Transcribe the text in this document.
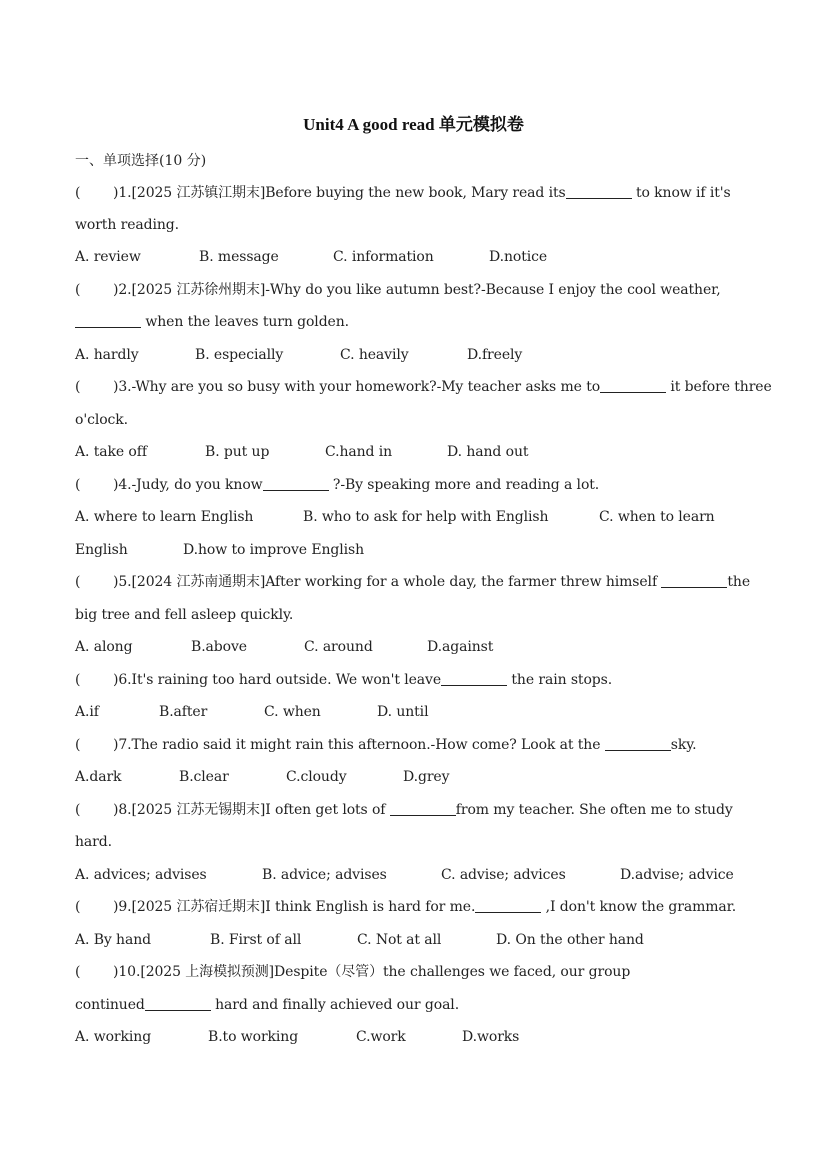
Unit4 A good read 单元模拟卷
一、单项选择(10 分)
( )1.[2025 江苏镇江期末]Before buying the new book, Mary read its	to know if it's
worth reading.
A. review	B. message	C. information	D.notice
( )2.[2025 江苏徐州期末]-Why do you like autumn best?-Because I enjoy the cool weather,
when the leaves turn golden.
A. hardly	B. especially	C. heavily	D.freely
( )3.-Why are you so busy with your homework?-My teacher asks me to	it before three
o'clock.
A. take off	B. put up	C.hand in	D. hand out
( )4.-Judy, do you know	?-By speaking more and reading a lot.
A. where to learn English	B. who to ask for help with English	C. when to learn
English	D.how to improve English
( )5.[2024 江苏南通期末]After working for a whole day, the farmer threw himself	the
big tree and fell asleep quickly.
A. along	B.above	C. around	D.against
( )6.It's raining too hard outside. We won't leave	the rain stops.
A.if	B.after	C. when	D. until
( )7.The radio said it might rain this afternoon.-How come? Look at the	sky.
A.dark	B.clear	C.cloudy	D.grey
( )8.[2025 江苏无锡期末]I often get lots of	from my teacher. She often me to study
hard.
A. advices; advises	B. advice; advises	C. advise; advices	D.advise; advice
( )9.[2025 江苏宿迁期末]I think English is hard for me.	,I don't know the grammar.
A. By hand	B. First of all	C. Not at all	D. On the other hand
( )10.[2025 上海模拟预测]Despite（尽管）the challenges we faced, our group
continued	hard and finally achieved our goal.
A. working	B.to working	C.work	D.works
